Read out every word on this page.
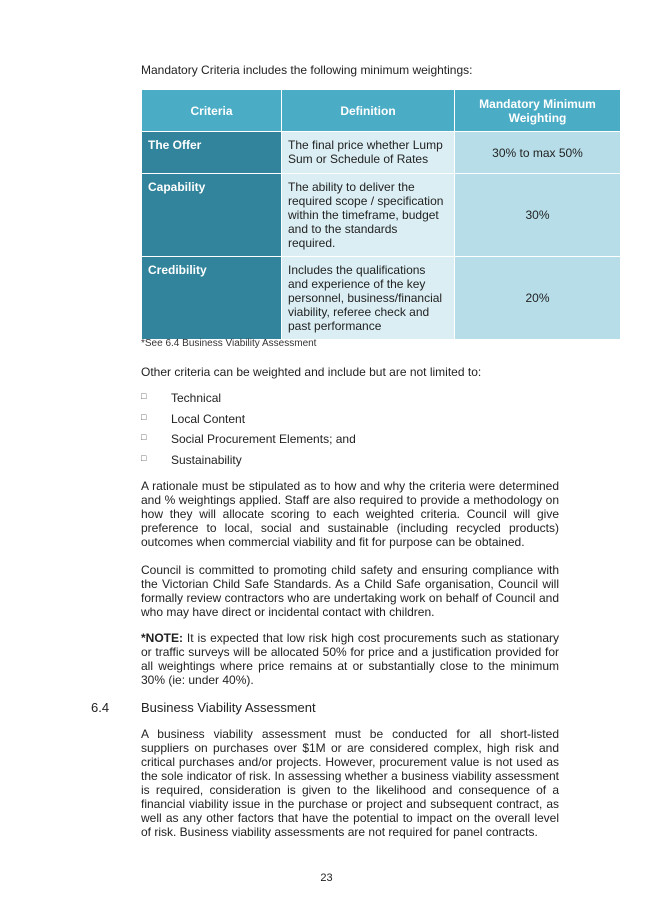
Mandatory Criteria includes the following minimum weightings:
Criteria	Definition	Mandatory Minimum Weighting
The Offer	The final price whether Lump Sum or Schedule of Rates	30% to max 50%
Capability	The ability to deliver the required scope / specification within the timeframe, budget and to the standards required.	30%
Credibility	Includes the qualifications and experience of the key personnel, business/financial viability, referee check and past performance	20%
*See 6.4 Business Viability Assessment
Other criteria can be weighted and include but are not limited to:
□ Technical
□ Local Content
□ Social Procurement Elements; and
□ Sustainability
A rationale must be stipulated as to how and why the criteria were determined and % weightings applied. Staff are also required to provide a methodology on how they will allocate scoring to each weighted criteria. Council will give preference to local, social and sustainable (including recycled products) outcomes when commercial viability and fit for purpose can be obtained.
Council is committed to promoting child safety and ensuring compliance with the Victorian Child Safe Standards. As a Child Safe organisation, Council will formally review contractors who are undertaking work on behalf of Council and who may have direct or incidental contact with children.
*NOTE: It is expected that low risk high cost procurements such as stationary or traffic surveys will be allocated 50% for price and a justification provided for all weightings where price remains at or substantially close to the minimum 30% (ie: under 40%).
6.4 Business Viability Assessment
A business viability assessment must be conducted for all short-listed suppliers on purchases over $1M or are considered complex, high risk and critical purchases and/or projects. However, procurement value is not used as the sole indicator of risk. In assessing whether a business viability assessment is required, consideration is given to the likelihood and consequence of a financial viability issue in the purchase or project and subsequent contract, as well as any other factors that have the potential to impact on the overall level of risk. Business viability assessments are not required for panel contracts.
23
